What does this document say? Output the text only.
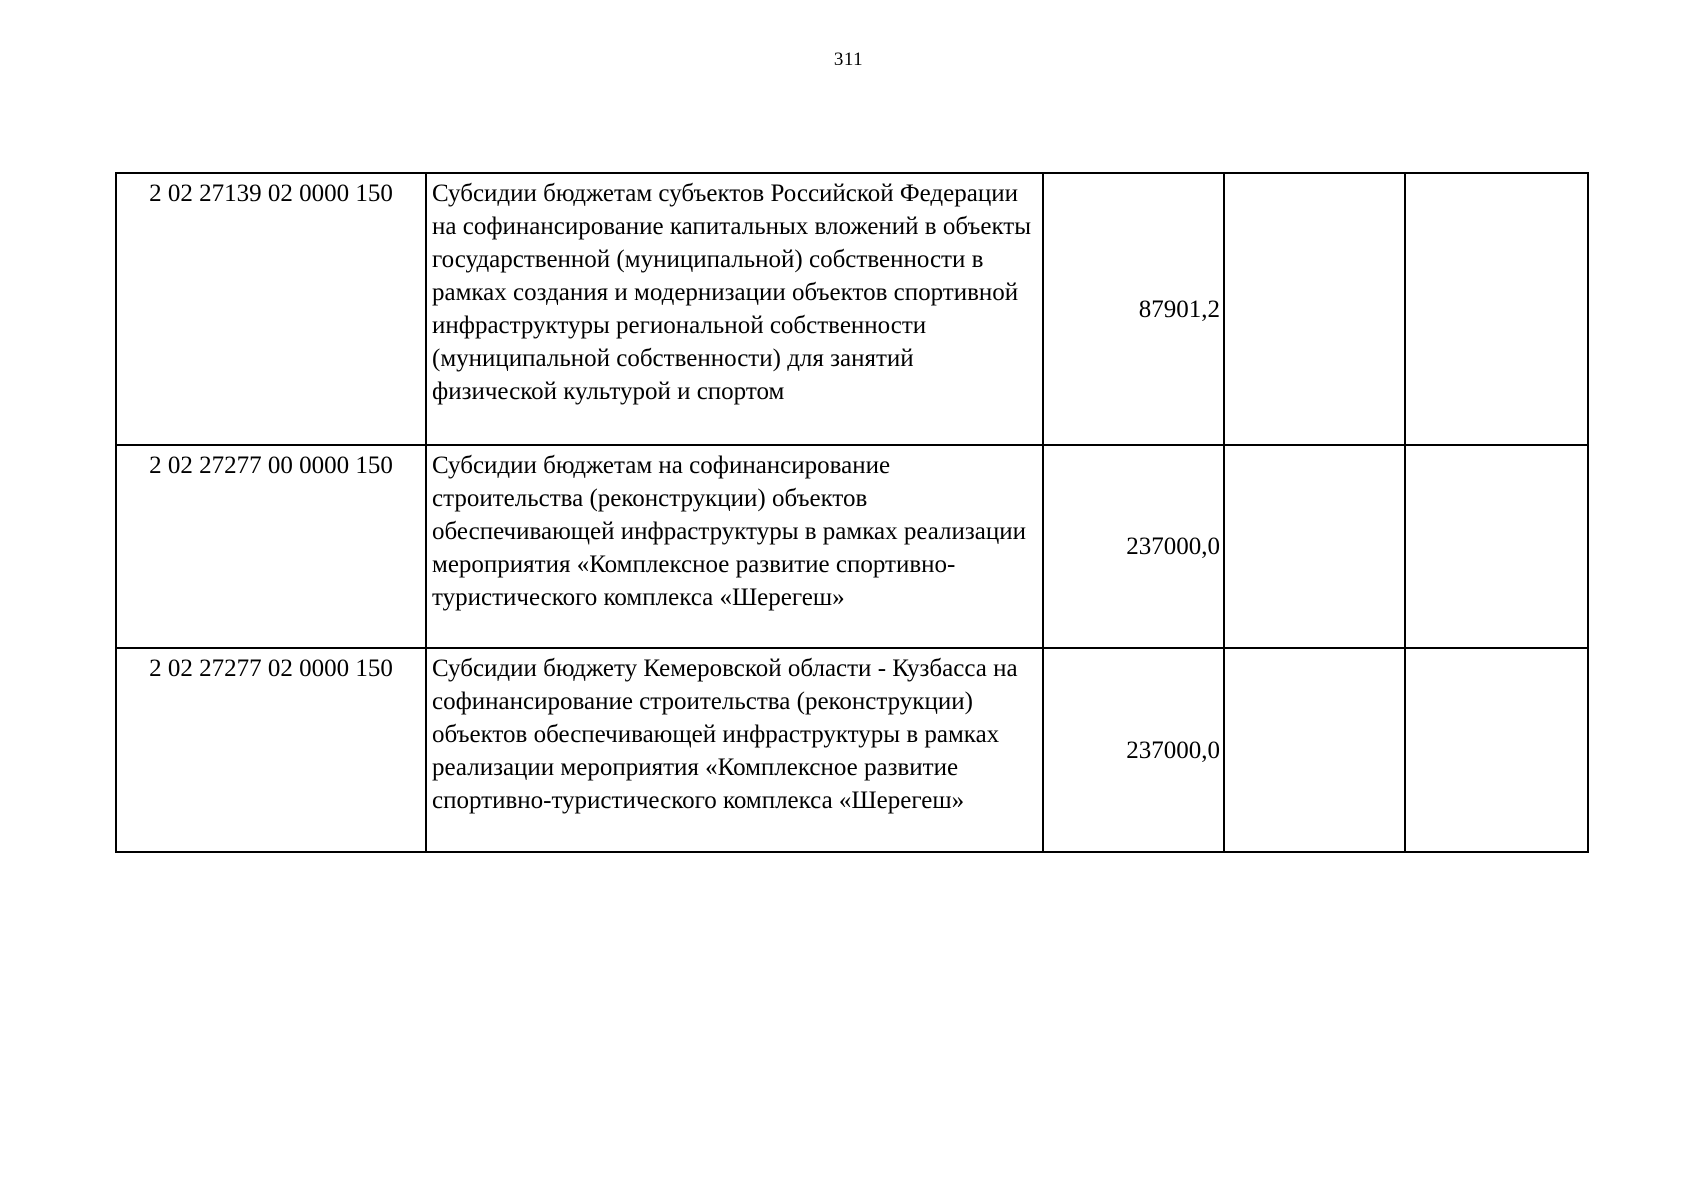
311
2 02 27139 02 0000 150	Субсидии бюджетам субъектов Российской Федерации на софинансирование капитальных вложений в объекты государственной (муниципальной) собственности в рамках создания и модернизации объектов спортивной инфраструктуры региональной собственности (муниципальной собственности) для занятий физической культурой и спортом	87901,2		
2 02 27277 00 0000 150	Субсидии бюджетам на софинансирование строительства (реконструкции) объектов обеспечивающей инфраструктуры в рамках реализации мероприятия «Комплексное развитие спортивно-туристического комплекса «Шерегеш»	237000,0		
2 02 27277 02 0000 150	Субсидии бюджету Кемеровской области - Кузбасса на софинансирование строительства (реконструкции) объектов обеспечивающей инфраструктуры в рамках реализации мероприятия «Комплексное развитие спортивно-туристического комплекса «Шерегеш»	237000,0		
